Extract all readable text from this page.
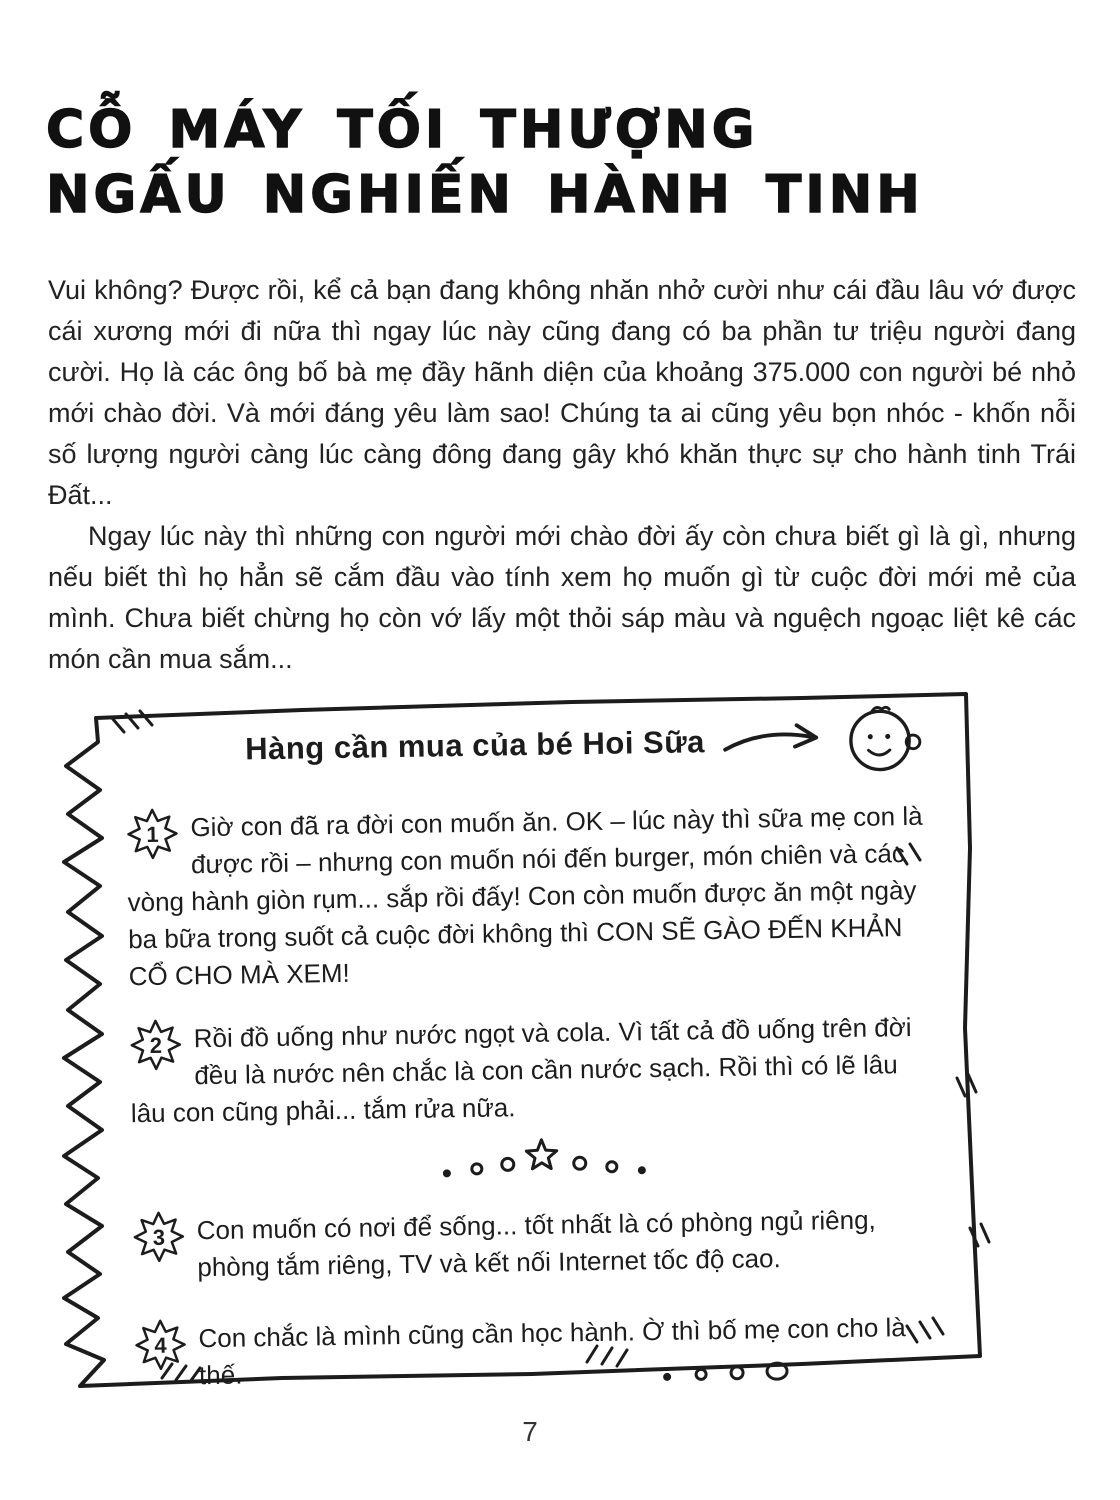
CỖ MÁY TỐI THƯỢNG
NGẤU NGHIẾN HÀNH TINH

Vui không? Được rồi, kể cả bạn đang không nhăn nhở cười như cái đầu lâu vớ được cái xương mới đi nữa thì ngay lúc này cũng đang có ba phần tư triệu người đang cười. Họ là các ông bố bà mẹ đầy hãnh diện của khoảng 375.000 con người bé nhỏ mới chào đời. Và mới đáng yêu làm sao! Chúng ta ai cũng yêu bọn nhóc - khốn nỗi số lượng người càng lúc càng đông đang gây khó khăn thực sự cho hành tinh Trái Đất...

Ngay lúc này thì những con người mới chào đời ấy còn chưa biết gì là gì, nhưng nếu biết thì họ hẳn sẽ cắm đầu vào tính xem họ muốn gì từ cuộc đời mới mẻ của mình. Chưa biết chừng họ còn vớ lấy một thỏi sáp màu và nguệch ngoạc liệt kê các món cần mua sắm...

Hàng cần mua của bé Hoi Sữa
1 Giờ con đã ra đời con muốn ăn. OK – lúc này thì sữa mẹ con là được rồi – nhưng con muốn nói đến burger, món chiên và các vòng hành giòn rụm... sắp rồi đấy! Con còn muốn được ăn một ngày ba bữa trong suốt cả cuộc đời không thì CON SẼ GÀO ĐẾN KHẢN CỔ CHO MÀ XEM!
2 Rồi đồ uống như nước ngọt và cola. Vì tất cả đồ uống trên đời đều là nước nên chắc là con cần nước sạch. Rồi thì có lẽ lâu lâu con cũng phải... tắm rửa nữa.
3 Con muốn có nơi để sống... tốt nhất là có phòng ngủ riêng, phòng tắm riêng, TV và kết nối Internet tốc độ cao.
4 Con chắc là mình cũng cần học hành. Ờ thì bố mẹ con cho là thế.
7
